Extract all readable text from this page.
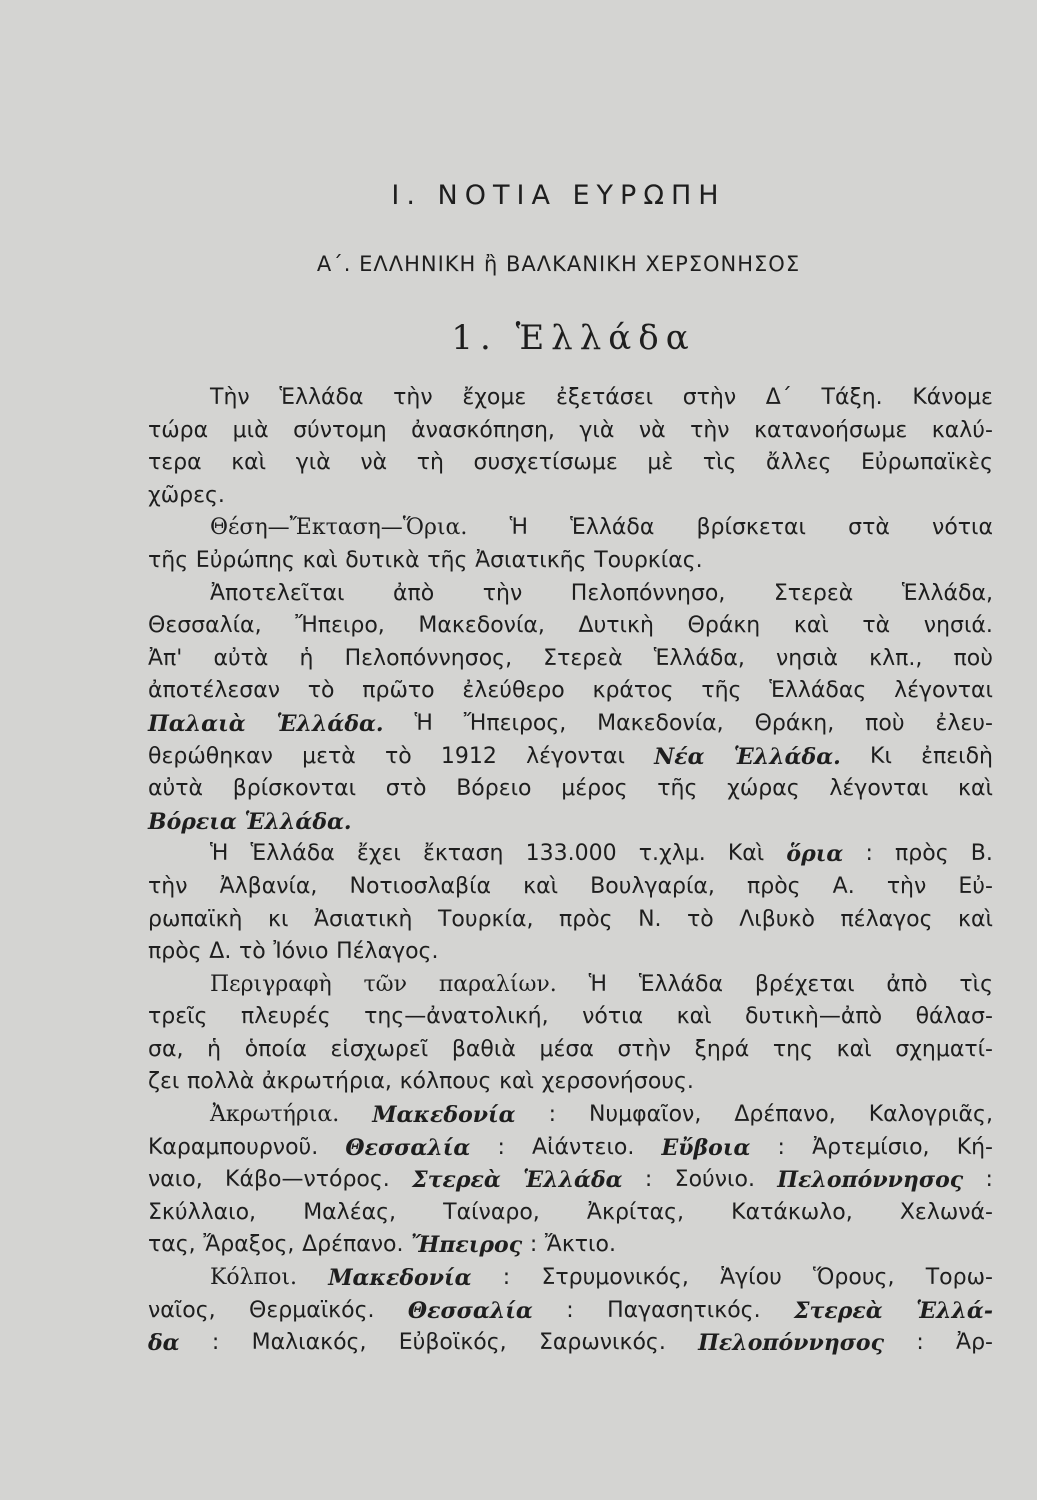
I. ΝΟΤΙΑ ΕΥΡΩΠΗ
Α΄. ΕΛΛΗΝΙΚΗ ἢ ΒΑΛΚΑΝΙΚΗ ΧΕΡΣΟΝΗΣΟΣ
1. Ἑλλάδα
Τὴν Ἑλλάδα τὴν ἔχομε ἐξετάσει στὴν Δ΄ Τάξη. Κάνομε
τώρα μιὰ σύντομη ἀνασκόπηση, γιὰ νὰ τὴν κατανοήσωμε καλύ-
τερα καὶ γιὰ νὰ τὴ συσχετίσωμε μὲ τὶς ἄλλες Εὐρωπαϊκὲς
χῶρες.
Θέση—Ἔκταση—Ὅρια. Ἡ Ἑλλάδα βρίσκεται στὰ νότια
τῆς Εὐρώπης καὶ δυτικὰ τῆς Ἀσιατικῆς Τουρκίας.
Ἀποτελεῖται ἀπὸ τὴν Πελοπόννησο, Στερεὰ Ἑλλάδα,
Θεσσαλία, Ἤπειρο, Μακεδονία, Δυτικὴ Θράκη καὶ τὰ νησιά.
Ἀπ' αὐτὰ ἡ Πελοπόννησος, Στερεὰ Ἑλλάδα, νησιὰ κλπ., ποὺ
ἀποτέλεσαν τὸ πρῶτο ἐλεύθερο κράτος τῆς Ἑλλάδας λέγονται
Παλαιὰ Ἑλλάδα. Ἡ Ἤπειρος, Μακεδονία, Θράκη, ποὺ ἐλευ-
θερώθηκαν μετὰ τὸ 1912 λέγονται Νέα Ἑλλάδα. Κι ἐπειδὴ
αὐτὰ βρίσκονται στὸ Βόρειο μέρος τῆς χώρας λέγονται καὶ
Βόρεια Ἑλλάδα.
Ἡ Ἑλλάδα ἔχει ἔκταση 133.000 τ.χλμ. Καὶ ὅρια : πρὸς Β.
τὴν Ἀλβανία, Νοτιοσλαβία καὶ Βουλγαρία, πρὸς Α. τὴν Εὐ-
ρωπαϊκὴ κι Ἀσιατικὴ Τουρκία, πρὸς Ν. τὸ Λιβυκὸ πέλαγος καὶ
πρὸς Δ. τὸ Ἰόνιο Πέλαγος.
Περιγραφὴ τῶν παραλίων. Ἡ Ἑλλάδα βρέχεται ἀπὸ τὶς
τρεῖς πλευρές της—ἀνατολική, νότια καὶ δυτικὴ—ἀπὸ θάλασ-
σα, ἡ ὁποία εἰσχωρεῖ βαθιὰ μέσα στὴν ξηρά της καὶ σχηματί-
ζει πολλὰ ἀκρωτήρια, κόλπους καὶ χερσονήσους.
Ἀκρωτήρια. Μακεδονία : Νυμφαῖον, Δρέπανο, Καλογριᾶς,
Καραμπουρνοῦ. Θεσσαλία : Αἰάντειο. Εὔβοια : Ἀρτεμίσιο, Κή-
ναιο, Κάβο—ντόρος. Στερεὰ Ἑλλάδα : Σούνιο. Πελοπόννησος :
Σκύλλαιο, Μαλέας, Ταίναρο, Ἀκρίτας, Κατάκωλο, Χελωνά-
τας, Ἄραξος, Δρέπανο. Ἤπειρος : Ἄκτιο.
Κόλποι. Μακεδονία : Στρυμονικός, Ἁγίου Ὅρους, Τορω-
ναῖος, Θερμαϊκός. Θεσσαλία : Παγασητικός. Στερεὰ Ἑλλά-
δα : Μαλιακός, Εὐβοϊκός, Σαρωνικός. Πελοπόννησος : Ἀρ-
